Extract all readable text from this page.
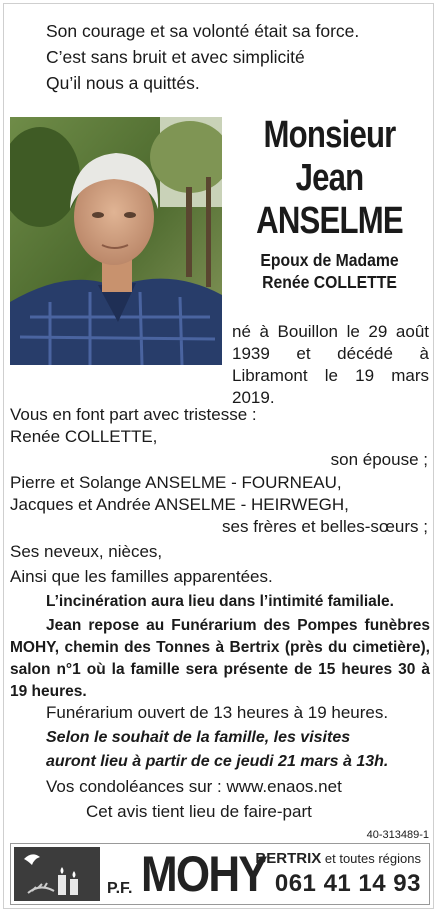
Son courage et sa volonté était sa force.
C’est sans bruit et avec simplicité
Qu’il nous a quittés.
Monsieur
Jean
ANSELME
Epoux de Madame
Renée COLLETTE
né à Bouillon le 29 août 1939 et décédé à Libramont le 19 mars 2019.
Vous en font part avec tristesse :
Renée COLLETTE,
son épouse ;
Pierre et Solange ANSELME - FOURNEAU,
Jacques et Andrée ANSELME - HEIRWEGH,
ses frères et belles-sœurs ;
Ses neveux, nièces,
Ainsi que les familles apparentées.
L’incinération aura lieu dans l’intimité familiale.
Jean repose au Funérarium des Pompes funèbres MOHY, chemin des Tonnes à Bertrix (près du cimetière), salon n°1 où la famille sera présente de 15 heures 30 à 19 heures.
Funérarium ouvert de 13 heures à 19 heures.
Selon le souhait de la famille, les visites
auront lieu à partir de ce jeudi 21 mars à 13h.
Vos condoléances sur : www.enaos.net
Cet avis tient lieu de faire-part
40-313489-1
P.F. MOHY
BERTRIX et toutes régions
061 41 14 93
